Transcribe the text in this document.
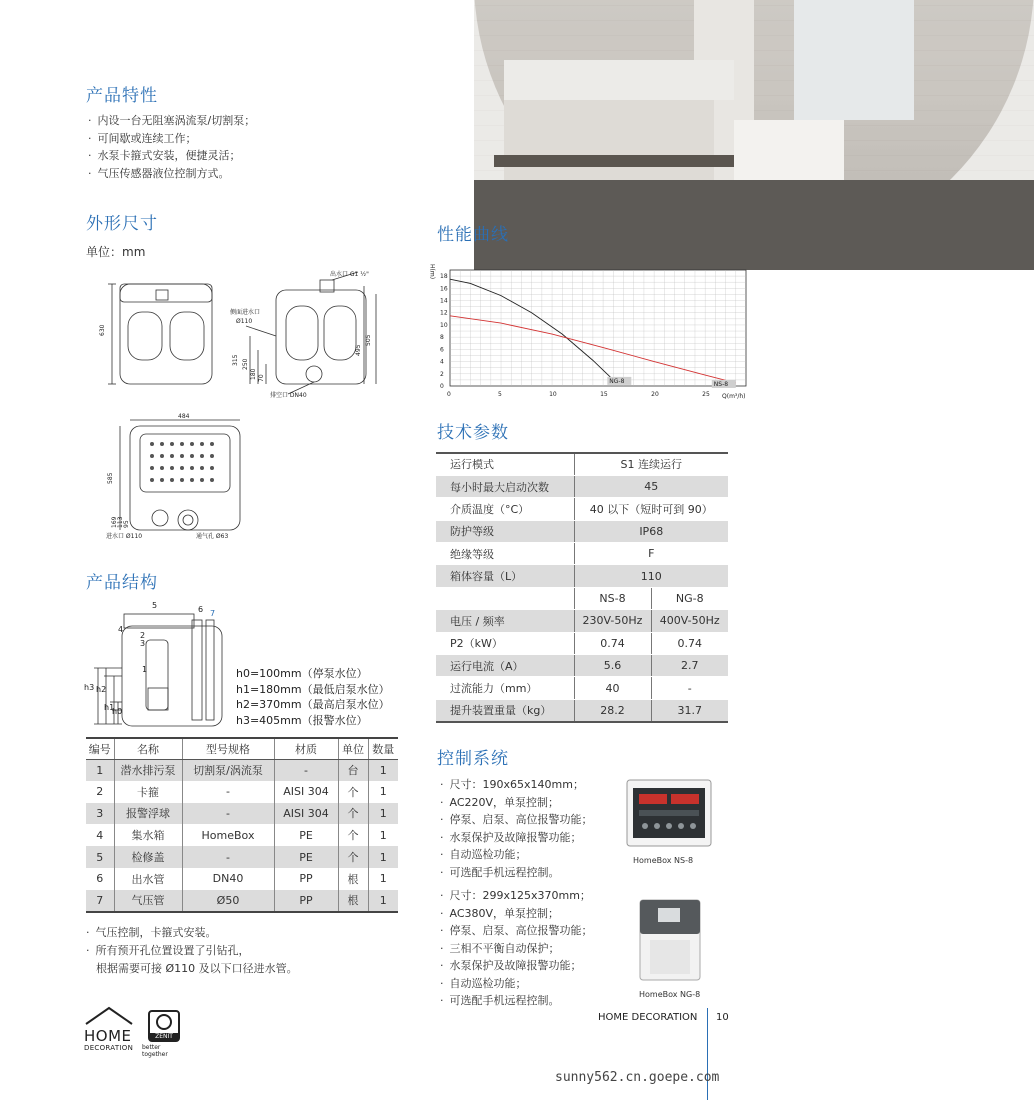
产品特性
外形尺寸
性能曲线
技术参数
产品结构
控制系统
· 内设一台无阻塞涡流泵/切割泵；
· 可间歇或连续工作；
· 水泵卡箍式安装，便捷灵活；
· 气压传感器液位控制方式。
单位：mm
630
出水口 G1 ½"
侧面进水口
Ø110
排空口 DN40
505
495
315 250
180 70
484
585
169 113 95
进水口 Ø110	通气孔 Ø63
H(m)
Q(m³/h)
0
2
4
6
8
10
12
14
16
18
0	5	10	15	20	25
NG-8	NS-8
运行模式	S1 连续运行	
每小时最大启动次数	45	
介质温度（°C）	40 以下（短时可到 90）	
防护等级	IP68	
绝缘等级	F	
箱体容量（L）	110	
	NS-8	NG-8
电压 / 频率	230V-50Hz	400V-50Hz
P2（kW）	0.74	0.74
运行电流（A）	5.6	2.7
过流能力（mm）	40	-
提升装置重量（kg）	28.2	31.7
5	6 7
4
2
3
1
h3 h2
h1
h0
h0=100mm（停泵水位）
h1=180mm（最低启泵水位）
h2=370mm（最高启泵水位）
h3=405mm（报警水位）
编号	名称	型号规格	材质	单位	数量
1	潜水排污泵	切割泵/涡流泵	-	台	1
2	卡箍	-	AISI 304	个	1
3	报警浮球	-	AISI 304	个	1
4	集水箱	HomeBox	PE	个	1
5	检修盖	-	PE	个	1
6	出水管	DN40	PP	根	1
7	气压管	Ø50	PP	根	1
· 气压控制，卡箍式安装。
· 所有预开孔位置设置了引钻孔，
根据需要可接 Ø110 及以下口径进水管。
· 尺寸：190x65x140mm；
· AC220V，单泵控制；
· 停泵、启泵、高位报警功能；
· 水泵保护及故障报警功能；
· 自动巡检功能；
· 可选配手机远程控制。
· 尺寸：299x125x370mm；
· AC380V，单泵控制；
· 停泵、启泵、高位报警功能；
· 三相不平衡自动保护；
· 水泵保护及故障报警功能；
· 自动巡检功能；
· 可选配手机远程控制。
HomeBox NS-8
HomeBox NG-8
HOME
DECORATION
ZENIT
better together
HOME DECORATION 10
sunny562.cn.goepe.com
